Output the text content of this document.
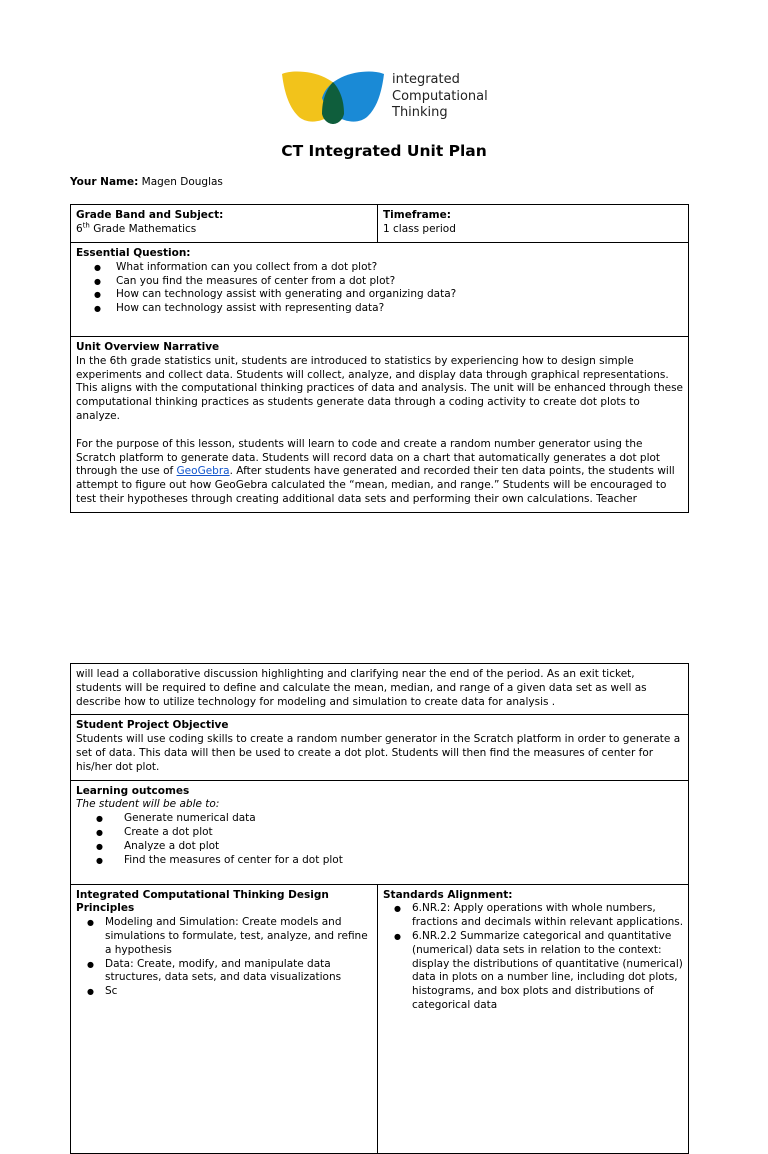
integrated
Computational
Thinking
CT Integrated Unit Plan
Your Name: Magen Douglas
Grade Band and Subject:
6th Grade Mathematics

Timeframe:
1 class period

Essential Question:
● What information can you collect from a dot plot?
● Can you find the measures of center from a dot plot?
● How can technology assist with generating and organizing data?
● How can technology assist with representing data?

Unit Overview Narrative

In the 6th grade statistics unit, students are introduced to statistics by experiencing how to design simple experiments and collect data. Students will collect, analyze, and display data through graphical representations. This aligns with the computational thinking practices of data and analysis. The unit will be enhanced through these computational thinking practices as students generate data through a coding activity to create dot plots to analyze.

For the purpose of this lesson, students will learn to code and create a random number generator using the Scratch platform to generate data. Students will record data on a chart that automatically generates a dot plot through the use of GeoGebra. After students have generated and recorded their ten data points, the students will attempt to figure out how GeoGebra calculated the “mean, median, and range.” Students will be encouraged to test their hypotheses through creating additional data sets and performing their own calculations. Teacher

will lead a collaborative discussion highlighting and clarifying near the end of the period. As an exit ticket, students will be required to define and calculate the mean, median, and range of a given data set as well as describe how to utilize technology for modeling and simulation to create data for analysis .

Student Project Objective

Students will use coding skills to create a random number generator in the Scratch platform in order to generate a set of data. This data will then be used to create a dot plot. Students will then find the measures of center for his/her dot plot.

Learning outcomes
The student will be able to:
● Generate numerical data
● Create a dot plot
● Analyze a dot plot
● Find the measures of center for a dot plot

Integrated Computational Thinking Design Principles
● Modeling and Simulation: Create models and simulations to formulate, test, analyze, and refine a hypothesis
● Data: Create, modify, and manipulate data structures, data sets, and data visualizations
● Sc

Standards Alignment:
● 6.NR.2: Apply operations with whole numbers, fractions and decimals within relevant applications.
● 6.NR.2.2 Summarize categorical and quantitative (numerical) data sets in relation to the context: display the distributions of quantitative (numerical) data in plots on a number line, including dot plots, histograms, and box plots and distributions of categorical data
